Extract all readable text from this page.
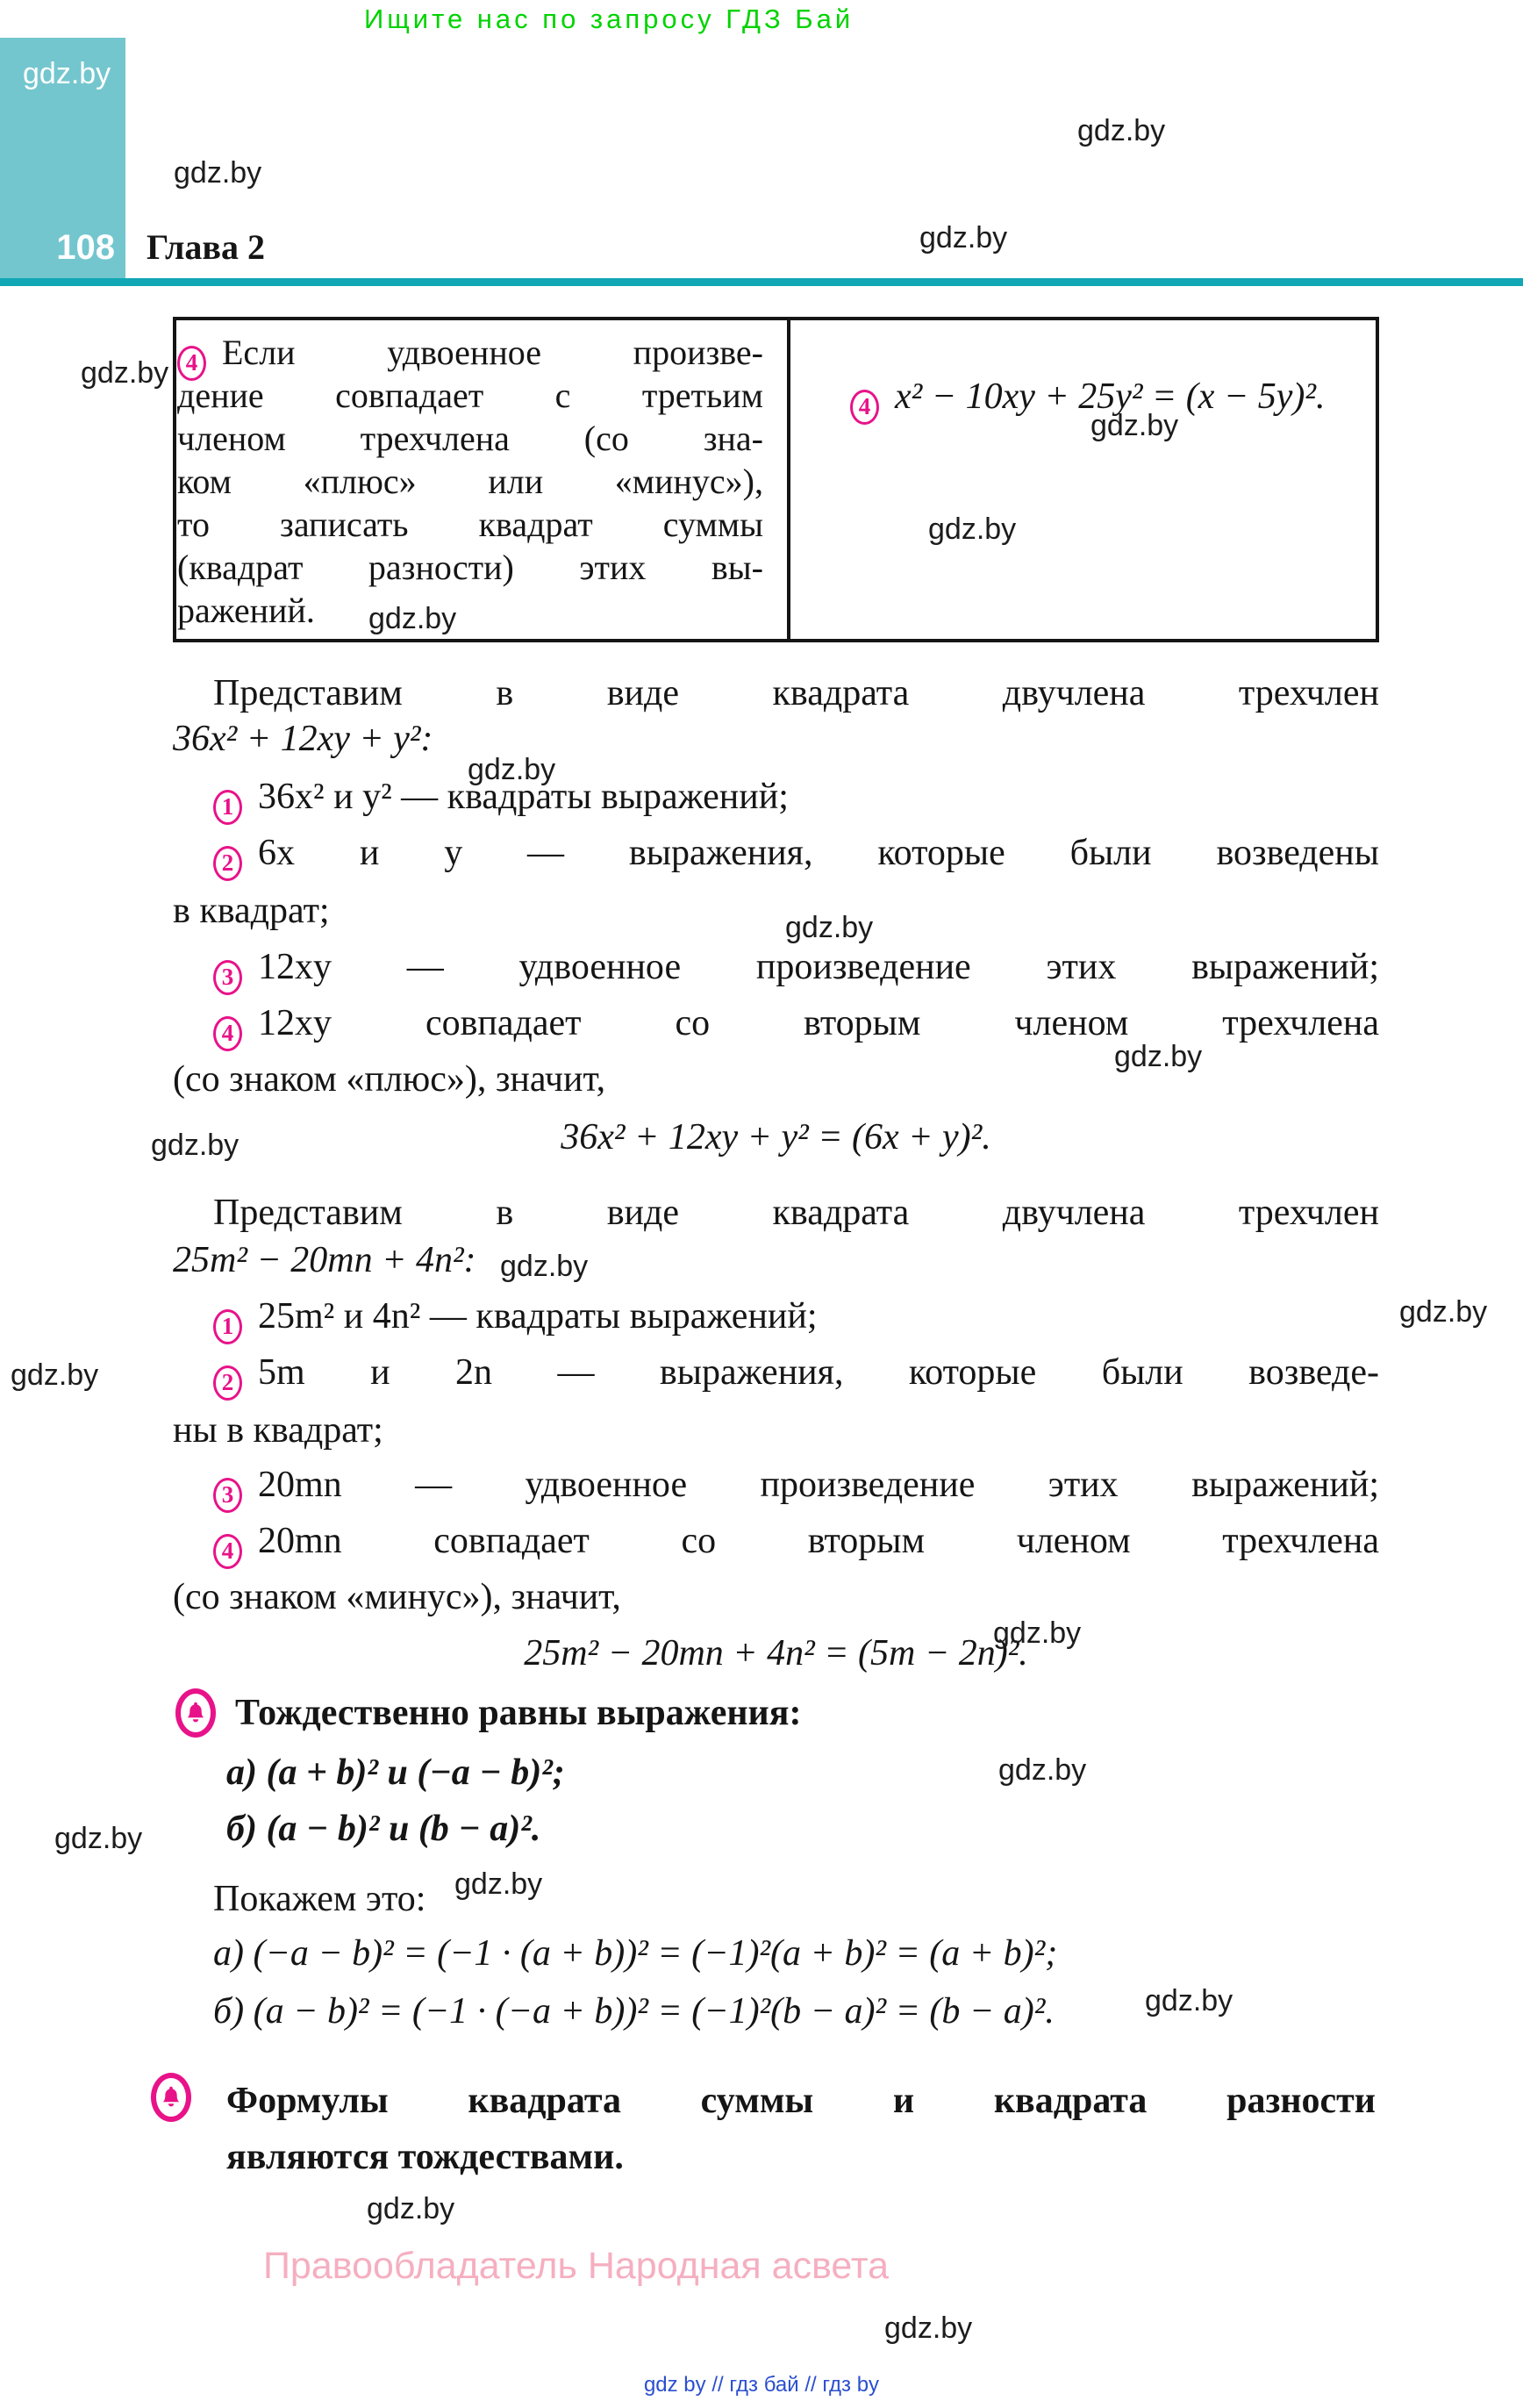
Ищите нас по запросу ГДЗ Бай
gdz.by
108 Глава 2

4 x² − 10xy + 25y² = (x − 5y)².

Правообладатель Народная асвета
gdz by // гдз бай // гдз by
4 Если удвоенное произве-
дение совпадает с третьим
членом трехчлена (со зна-
ком «плюс» или «минус»),
то записать квадрат суммы
(квадрат разности) этих вы-
ражений.
Представим в виде квадрата двучлена трехчлен
36x² + 12xy + y²:
1 36x² и y² — квадраты выражений;
2 6x и y — выражения, которые были возведены
в квадрат;
3 12xy — удвоенное произведение этих выражений;
4 12xy совпадает со вторым членом трехчлена
(со знаком «плюс»), значит,
36x² + 12xy + y² = (6x + y)².
Представим в виде квадрата двучлена трехчлен
25m² − 20mn + 4n²:
1 25m² и 4n² — квадраты выражений;
2 5m и 2n — выражения, которые были возведе-
ны в квадрат;
3 20mn — удвоенное произведение этих выражений;
4 20mn совпадает со вторым членом трехчлена
(со знаком «минус»), значит,
25m² − 20mn + 4n² = (5m − 2n)².
Тождественно равны выражения:
а) (a + b)² и (−a − b)²;
б) (a − b)² и (b − a)².
Покажем это:
а) (−a − b)² = (−1 · (a + b))² = (−1)²(a + b)² = (a + b)²;
б) (a − b)² = (−1 · (−a + b))² = (−1)²(b − a)² = (b − a)².
Формулы квадрата суммы и квадрата разности
являются тождествами.
gdz.by
gdz.by
gdz.by
gdz.by
gdz.by
gdz.by
gdz.by
gdz.by
gdz.by
gdz.by
gdz.by
gdz.by
gdz.by
gdz.by
gdz.by
gdz.by
gdz.by
gdz.by
gdz.by
gdz.by
gdz.by
